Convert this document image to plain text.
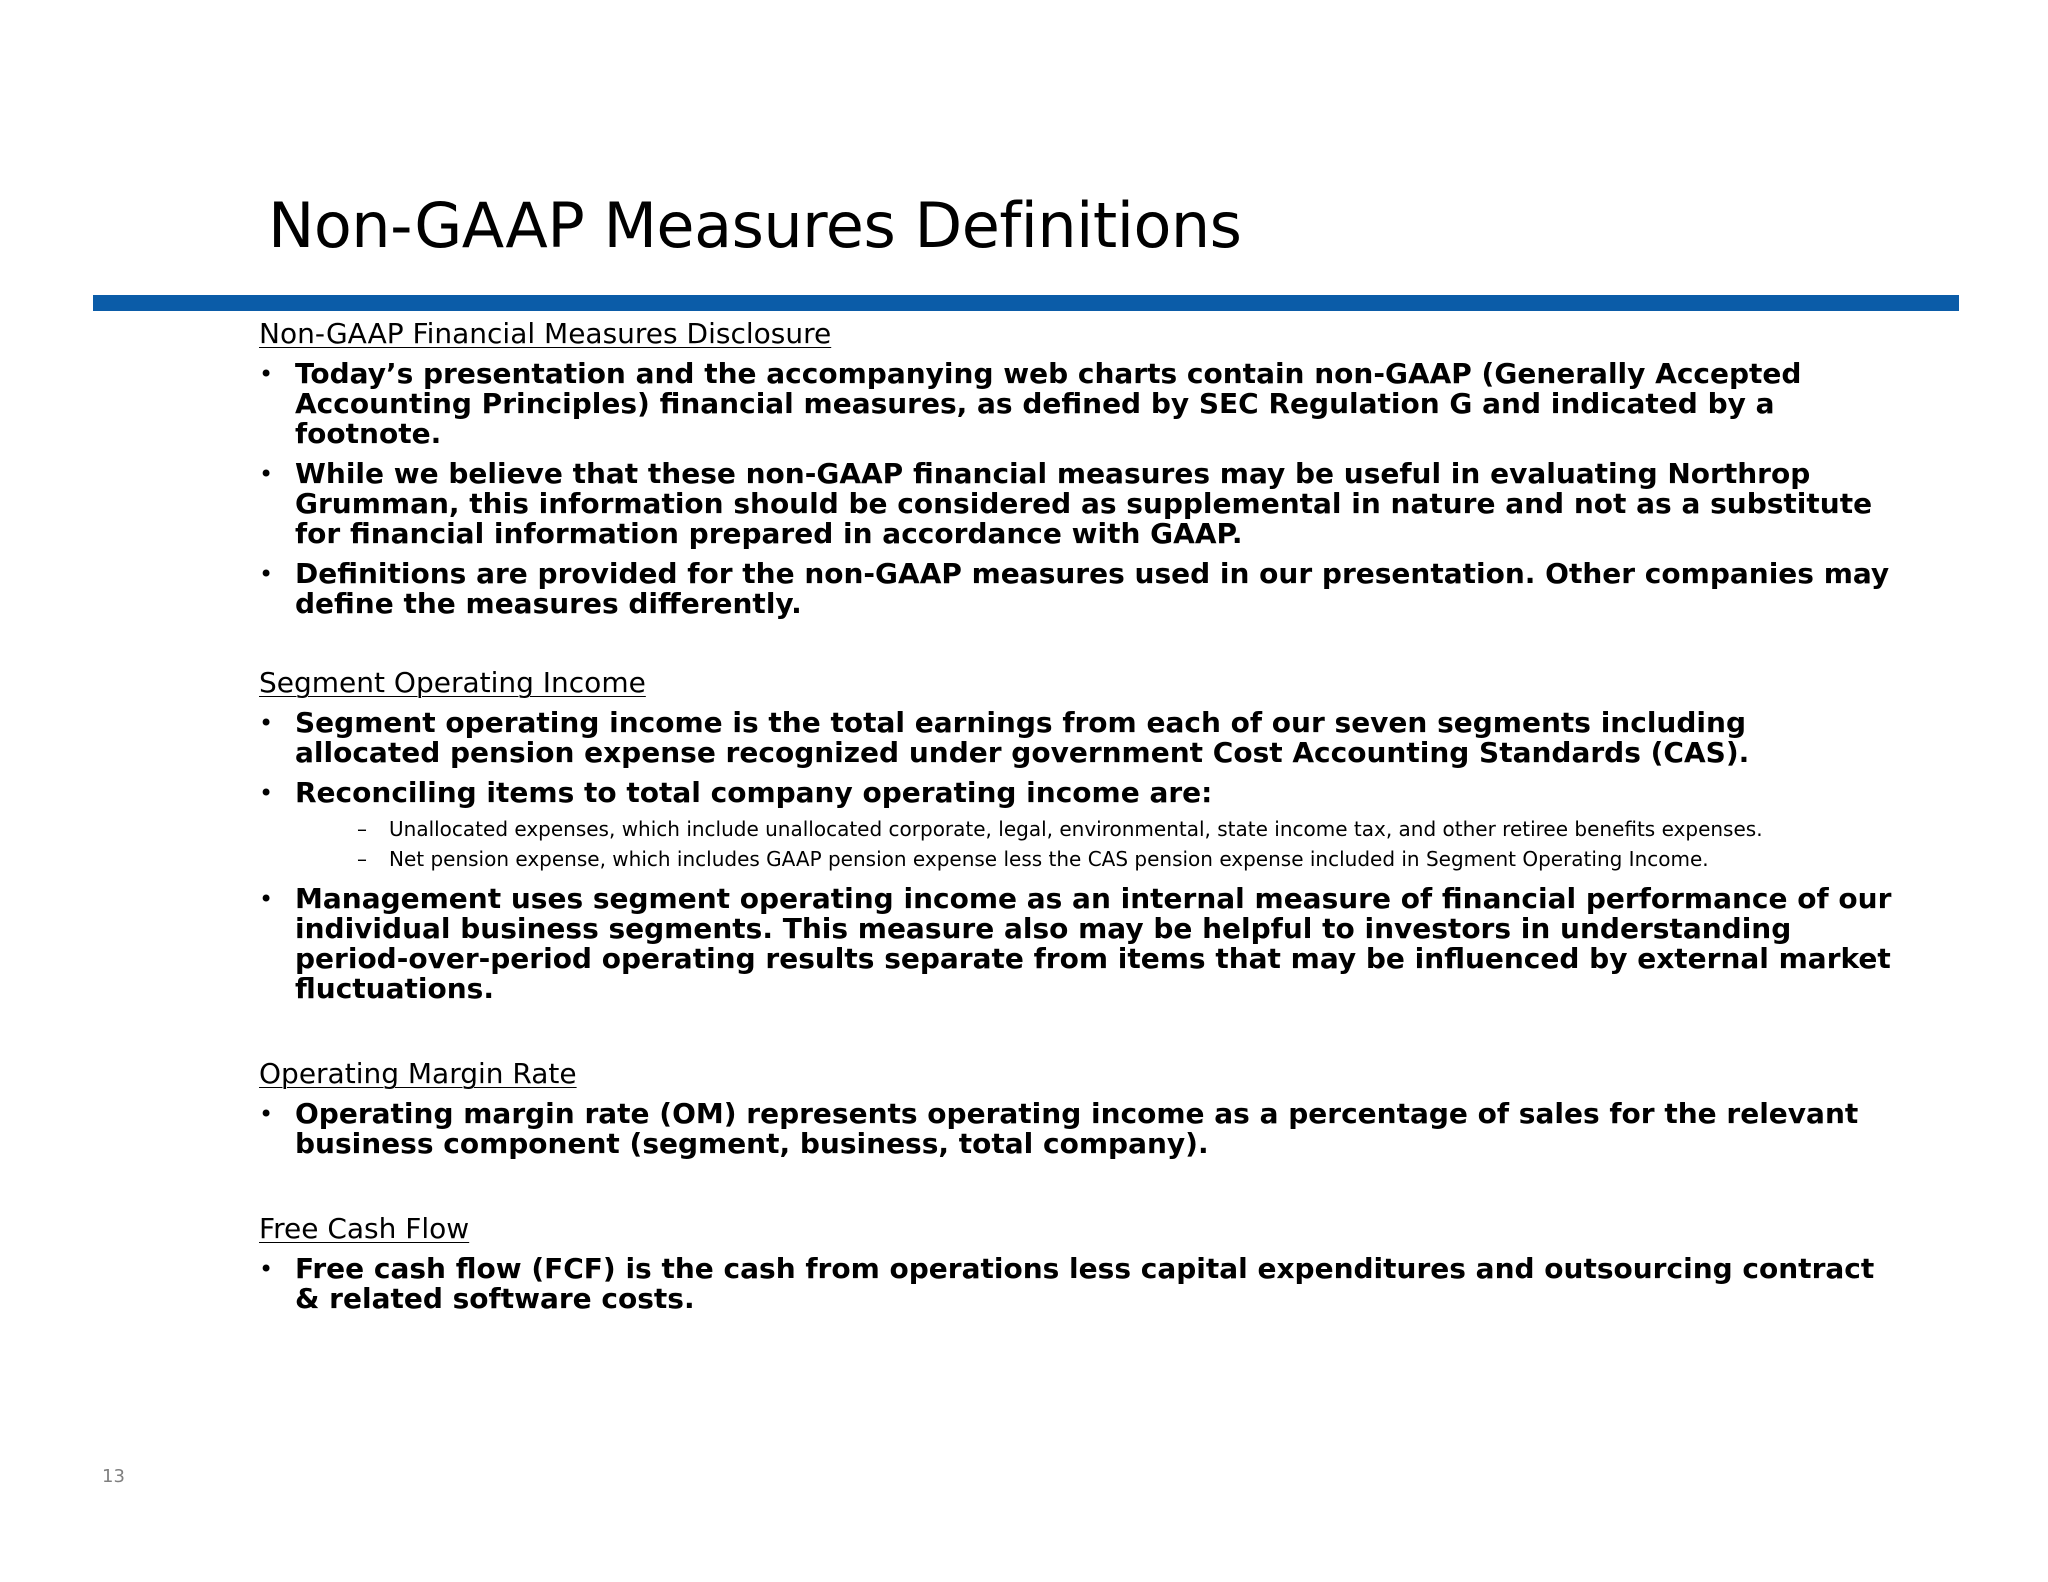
Non-GAAP Measures Definitions

Non-GAAP Financial Measures Disclosure

• Today’s presentation and the accompanying web charts contain non-GAAP (Generally Accepted Accounting Principles) financial measures, as defined by SEC Regulation G and indicated by a footnote.
• While we believe that these non-GAAP financial measures may be useful in evaluating Northrop Grumman, this information should be considered as supplemental in nature and not as a substitute for financial information prepared in accordance with GAAP.
• Definitions are provided for the non-GAAP measures used in our presentation. Other companies may define the measures differently.

Segment Operating Income

• Segment operating income is the total earnings from each of our seven segments including allocated pension expense recognized under government Cost Accounting Standards (CAS).
• Reconciling items to total company operating income are:
– Unallocated expenses, which include unallocated corporate, legal, environmental, state income tax, and other retiree benefits expenses.
– Net pension expense, which includes GAAP pension expense less the CAS pension expense included in Segment Operating Income.
• Management uses segment operating income as an internal measure of financial performance of our individual business segments. This measure also may be helpful to investors in understanding period-over-period operating results separate from items that may be influenced by external market fluctuations.

Operating Margin Rate

• Operating margin rate (OM) represents operating income as a percentage of sales for the relevant business component (segment, business, total company).

Free Cash Flow

• Free cash flow (FCF) is the cash from operations less capital expenditures and outsourcing contract & related software costs.
13
